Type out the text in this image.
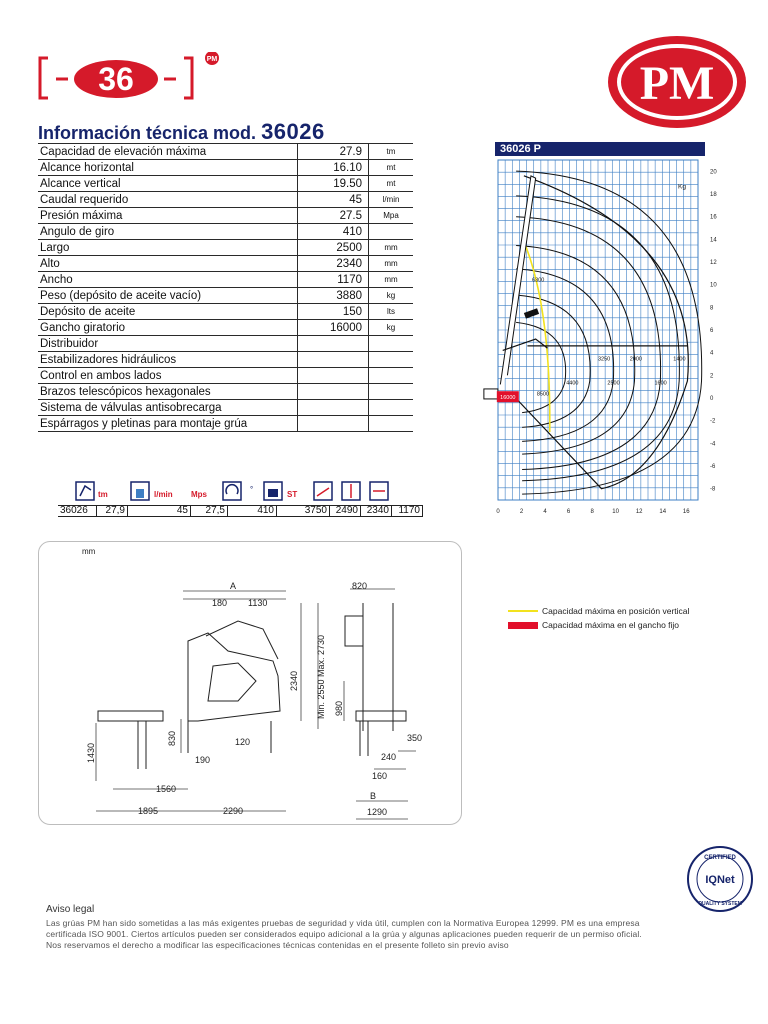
36
PM	PM
Información técnica mod. 36026
Capacidad de elevación máxima	27.9	tm
Alcance horizontal	16.10	mt
Alcance vertical	19.50	mt
Caudal requerido	45	l/min
Presión máxima	27.5	Mpa
Angulo de giro	410	
Largo	2500	mm
Alto	2340	mm
Ancho	1170	mm
Peso (depósito de aceite vacío)	3880	kg
Depósito de aceite	150	lts
Gancho giratorio	16000	kg
Distribuidor		
Estabilizadores hidráulicos		
Control en ambos lados		
Brazos telescópicos hexagonales		
Sistema de válvulas antisobrecarga		
Espárragos y pletinas para montaje grúa		
tm	l/min Mps
°
ST
36026	27,9	45	27,5	410	3750	2490	2340	1170
36026 P
0	2	4	6	8	10	12	14	16
20
18
16
14
12
10
8
6
4
2
0
-2
-4
-6
-8
Kg
16000
6300
3250	2000	1400
4400	2500	1600
8500
mm
A
180 1130
2340 Min. 2550 Max. 2730
830	120
190
1430
1560
1895	2290
820
980
350
240
160
B
1290
Capacidad máxima en posición vertical
Capacidad máxima en el gancho fijo
CERTIFIED
IQNet
QUALITY SYSTEM
Aviso legal
Las grúas PM han sido sometidas a las más exigentes pruebas de seguridad y vida útil, cumplen con la Normativa Europea 12999. PM es una empresa
certificada ISO 9001. Ciertos artículos pueden ser considerados equipo adicional a la grúa y algunas aplicaciones pueden requerir de un permiso oficial.
Nos reservamos el derecho a modificar las especificaciones técnicas contenidas en el presente folleto sin previo aviso
